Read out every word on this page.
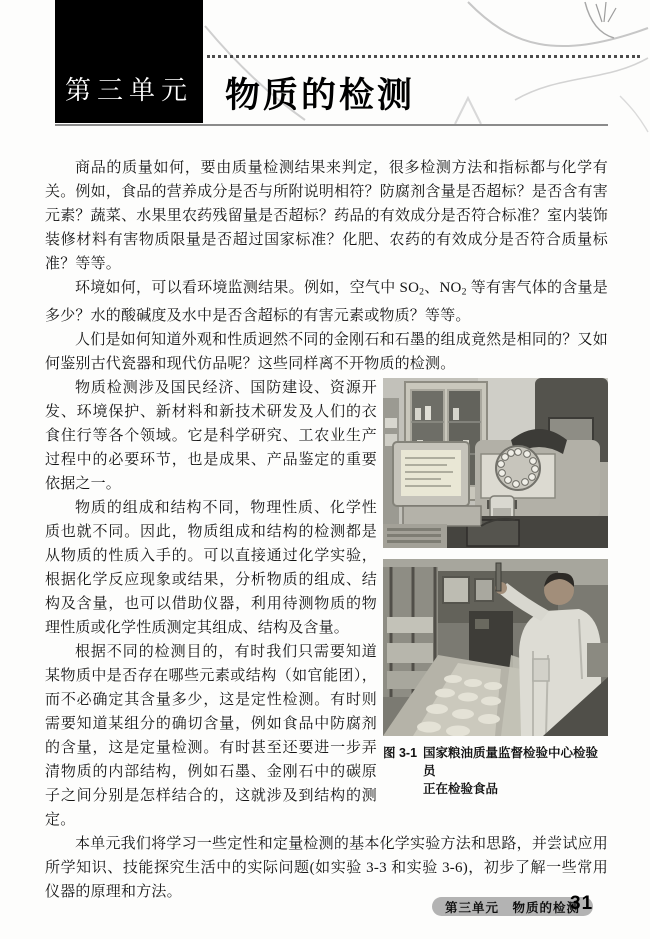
第三单元 物质的检测

商品的质量如何，要由质量检测结果来判定，很多检测方法和指标都与化学有关。例如，食品的营养成分是否与所附说明相符？防腐剂含量是否超标？是否含有害元素？蔬菜、水果里农药残留量是否超标？药品的有效成分是否符合标准？室内装饰装修材料有害物质限量是否超过国家标准？化肥、农药的有效成分是否符合质量标准？等等。

环境如何，可以看环境监测结果。例如，空气中 $SO_2$、$NO_2$ 等有害气体的含量是多少？水的酸碱度及水中是否含超标的有害元素或物质？等等。

人们是如何知道外观和性质迥然不同的金刚石和石墨的组成竟然是相同的？又如何鉴别古代瓷器和现代仿品呢？这些同样离不开物质的检测。

图 3-1 国家粮油质量监督检验中心检验员
正在检验食品

物质检测涉及国民经济、国防建设、资源开发、环境保护、新材料和新技术研发及人们的衣食住行等各个领域。它是科学研究、工农业生产过程中的必要环节，也是成果、产品鉴定的重要依据之一。

物质的组成和结构不同，物理性质、化学性质也就不同。因此，物质组成和结构的检测都是从物质的性质入手的。可以直接通过化学实验，根据化学反应现象或结果，分析物质的组成、结构及含量，也可以借助仪器，利用待测物质的物理性质或化学性质测定其组成、结构及含量。

根据不同的检测目的，有时我们只需要知道某物质中是否存在哪些元素或结构（如官能团），而不必确定其含量多少，这是定性检测。有时则需要知道某组分的确切含量，例如食品中防腐剂的含量，这是定量检测。有时甚至还要进一步弄清物质的内部结构，例如石墨、金刚石中的碳原子之间分别是怎样结合的，这就涉及到结构的测定。

本单元我们将学习一些定性和定量检测的基本化学实验方法和思路，并尝试应用所学知识、技能探究生活中的实际问题(如实验 3-3 和实验 3-6)，初步了解一些常用仪器的原理和方法。

第三单元　物质的检测
31
